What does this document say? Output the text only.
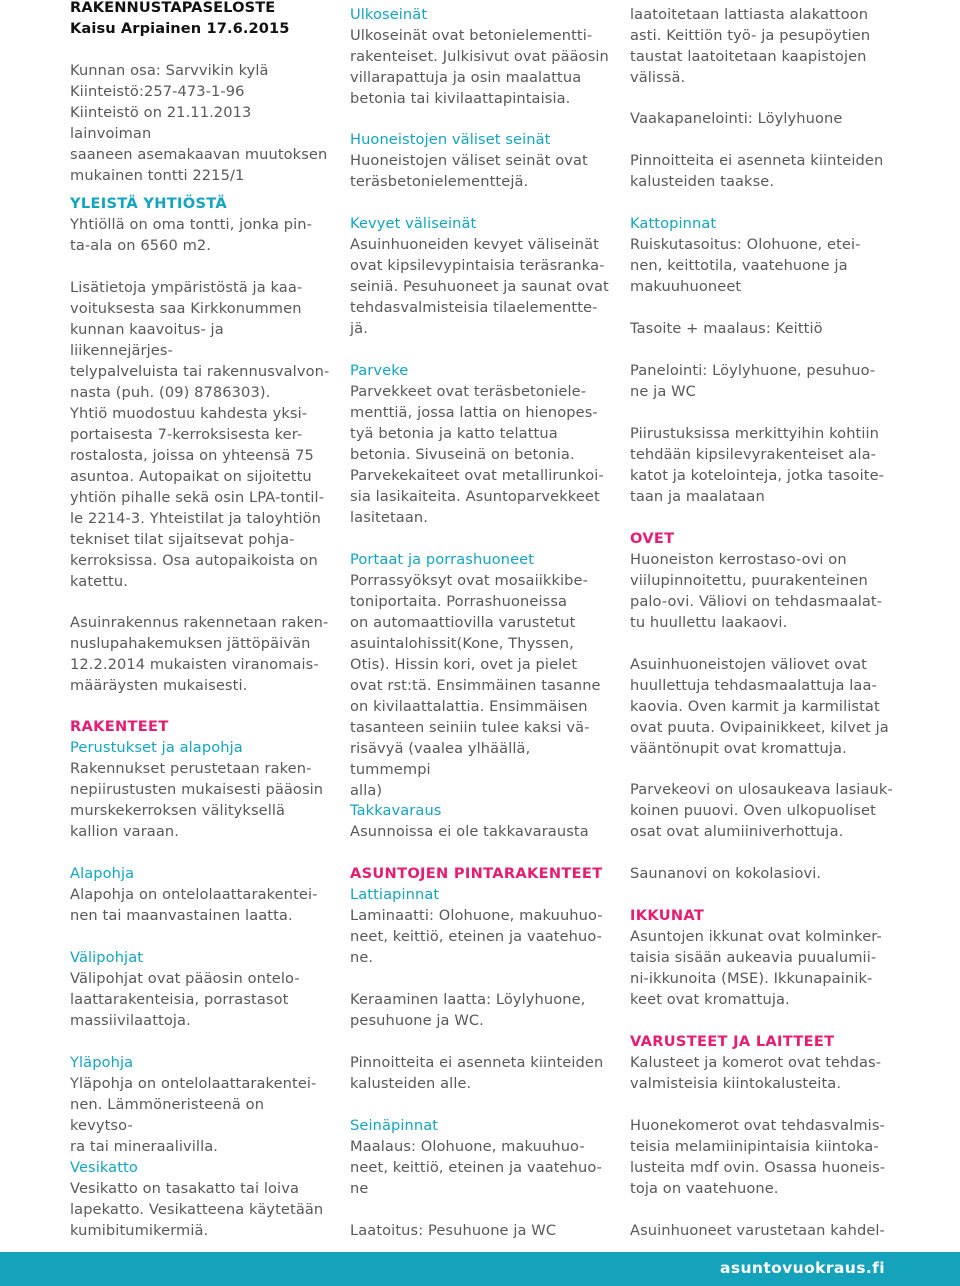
RAKENNUSTAPASELOSTE

Kaisu Arpiainen 17.6.2015

Kunnan osa: Sarvvikin kylä
Kiinteistö:257-473-1-96
Kiinteistö on 21.11.2013 lainvoiman
saaneen asemakaavan muutoksen
mukainen tontti 2215/1

YLEISTÄ YHTIÖSTÄ

Yhtiöllä on oma tontti, jonka pin-
ta-ala on 6560 m2.

Lisätietoja ympäristöstä ja kaa-
voituksesta saa Kirkkonummen
kunnan kaavoitus- ja liikennejärjes-
telypalveluista tai rakennusvalvon-
nasta (puh. (09) 8786303).

Yhtiö muodostuu kahdesta yksi-
portaisesta 7-kerroksisesta ker-
rostalosta, joissa on yhteensä 75
asuntoa. Autopaikat on sijoitettu
yhtiön pihalle sekä osin LPA-tontil-
le 2214-3. Yhteistilat ja taloyhtiön
tekniset tilat sijaitsevat pohja-
kerroksissa. Osa autopaikoista on
katettu.

Asuinrakennus rakennetaan raken-
nuslupahakemuksen jättöpäivän
12.2.2014 mukaisten viranomais-
määräysten mukaisesti.

RAKENTEET

Perustukset ja alapohja

Rakennukset perustetaan raken-
nepiirustusten mukaisesti pääosin
murskekerroksen välityksellä
kallion varaan.

Alapohja

Alapohja on ontelolaattarakentei-
nen tai maanvastainen laatta.

Välipohjat

Välipohjat ovat pääosin ontelo-
laattarakenteisia, porrastasot
massiivilaattoja.

Yläpohja

Yläpohja on ontelolaattarakentei-
nen. Lämmöneristeenä on kevytso-
ra tai mineraalivilla.

Vesikatto

Vesikatto on tasakatto tai loiva
lapekatto. Vesikatteena käytetään
kumibitumikermiä.

Ulkoseinät

Ulkoseinät ovat betonielementti-
rakenteiset. Julkisivut ovat pääosin
villarapattuja ja osin maalattua
betonia tai kivilaattapintaisia.

Huoneistojen väliset seinät

Huoneistojen väliset seinät ovat
teräsbetonielementtejä.

Kevyet väliseinät

Asuinhuoneiden kevyet väliseinät
ovat kipsilevypintaisia teräsranka-
seiniä. Pesuhuoneet ja saunat ovat
tehdasvalmisteisia tilaelementte-
jä.

Parveke

Parvekkeet ovat teräsbetoniele-
menttiä, jossa lattia on hienopes-
tyä betonia ja katto telattua
betonia. Sivuseinä on betonia.
Parvekekaiteet ovat metallirunkoi-
sia lasikaiteita. Asuntoparvekkeet
lasitetaan.

Portaat ja porrashuoneet

Porrassyöksyt ovat mosaiikkibe-
toniportaita. Porrashuoneissa
on automaattiovilla varustetut
asuintalohissit(Kone, Thyssen,
Otis). Hissin kori, ovet ja pielet
ovat rst:tä. Ensimmäinen tasanne
on kivilaattalattia. Ensimmäisen
tasanteen seiniin tulee kaksi vä-
risävyä (vaalea ylhäällä, tummempi
alla)

Takkavaraus

Asunnoissa ei ole takkavarausta

ASUNTOJEN PINTARAKENTEET

Lattiapinnat

Laminaatti: Olohuone, makuuhuo-
neet, keittiö, eteinen ja vaatehuo-
ne.

Keraaminen laatta: Löylyhuone,
pesuhuone ja WC.

Pinnoitteita ei asenneta kiinteiden
kalusteiden alle.

Seinäpinnat

Maalaus: Olohuone, makuuhuo-
neet, keittiö, eteinen ja vaatehuo-
ne

Laatoitus: Pesuhuone ja WC

laatoitetaan lattiasta alakattoon
asti. Keittiön työ- ja pesupöytien
taustat laatoitetaan kaapistojen
välissä.

Vaakapanelointi: Löylyhuone

Pinnoitteita ei asenneta kiinteiden
kalusteiden taakse.

Kattopinnat

Ruiskutasoitus: Olohuone, etei-
nen, keittotila, vaatehuone ja
makuuhuoneet

Tasoite + maalaus: Keittiö

Panelointi: Löylyhuone, pesuhuo-
ne ja WC

Piirustuksissa merkittyihin kohtiin
tehdään kipsilevyrakenteiset ala-
katot ja kotelointeja, jotka tasoite-
taan ja maalataan

OVET

Huoneiston kerrostaso-ovi on
viilupinnoitettu, puurakenteinen
palo-ovi. Väliovi on tehdasmaalat-
tu huullettu laakaovi.

Asuinhuoneistojen väliovet ovat
huullettuja tehdasmaalattuja laa-
kaovia. Oven karmit ja karmilistat
ovat puuta. Ovipainikkeet, kilvet ja
vääntönupit ovat kromattuja.

Parvekeovi on ulosaukeava lasiauk-
koinen puuovi. Oven ulkopuoliset
osat ovat alumiiniverhottuja.

Saunanovi on kokolasiovi.

IKKUNAT

Asuntojen ikkunat ovat kolminker-
taisia sisään aukeavia puualumii-
ni-ikkunoita (MSE). Ikkunapainik-
keet ovat kromattuja.

VARUSTEET JA LAITTEET

Kalusteet ja komerot ovat tehdas-
valmisteisia kiintokalusteita.

Huonekomerot ovat tehdasvalmis-
teisia melamiinipintaisia kiintoka-
lusteita mdf ovin. Osassa huoneis-
toja on vaatehuone.

Asuinhuoneet varustetaan kahdel-

asuntovuokraus.fi
